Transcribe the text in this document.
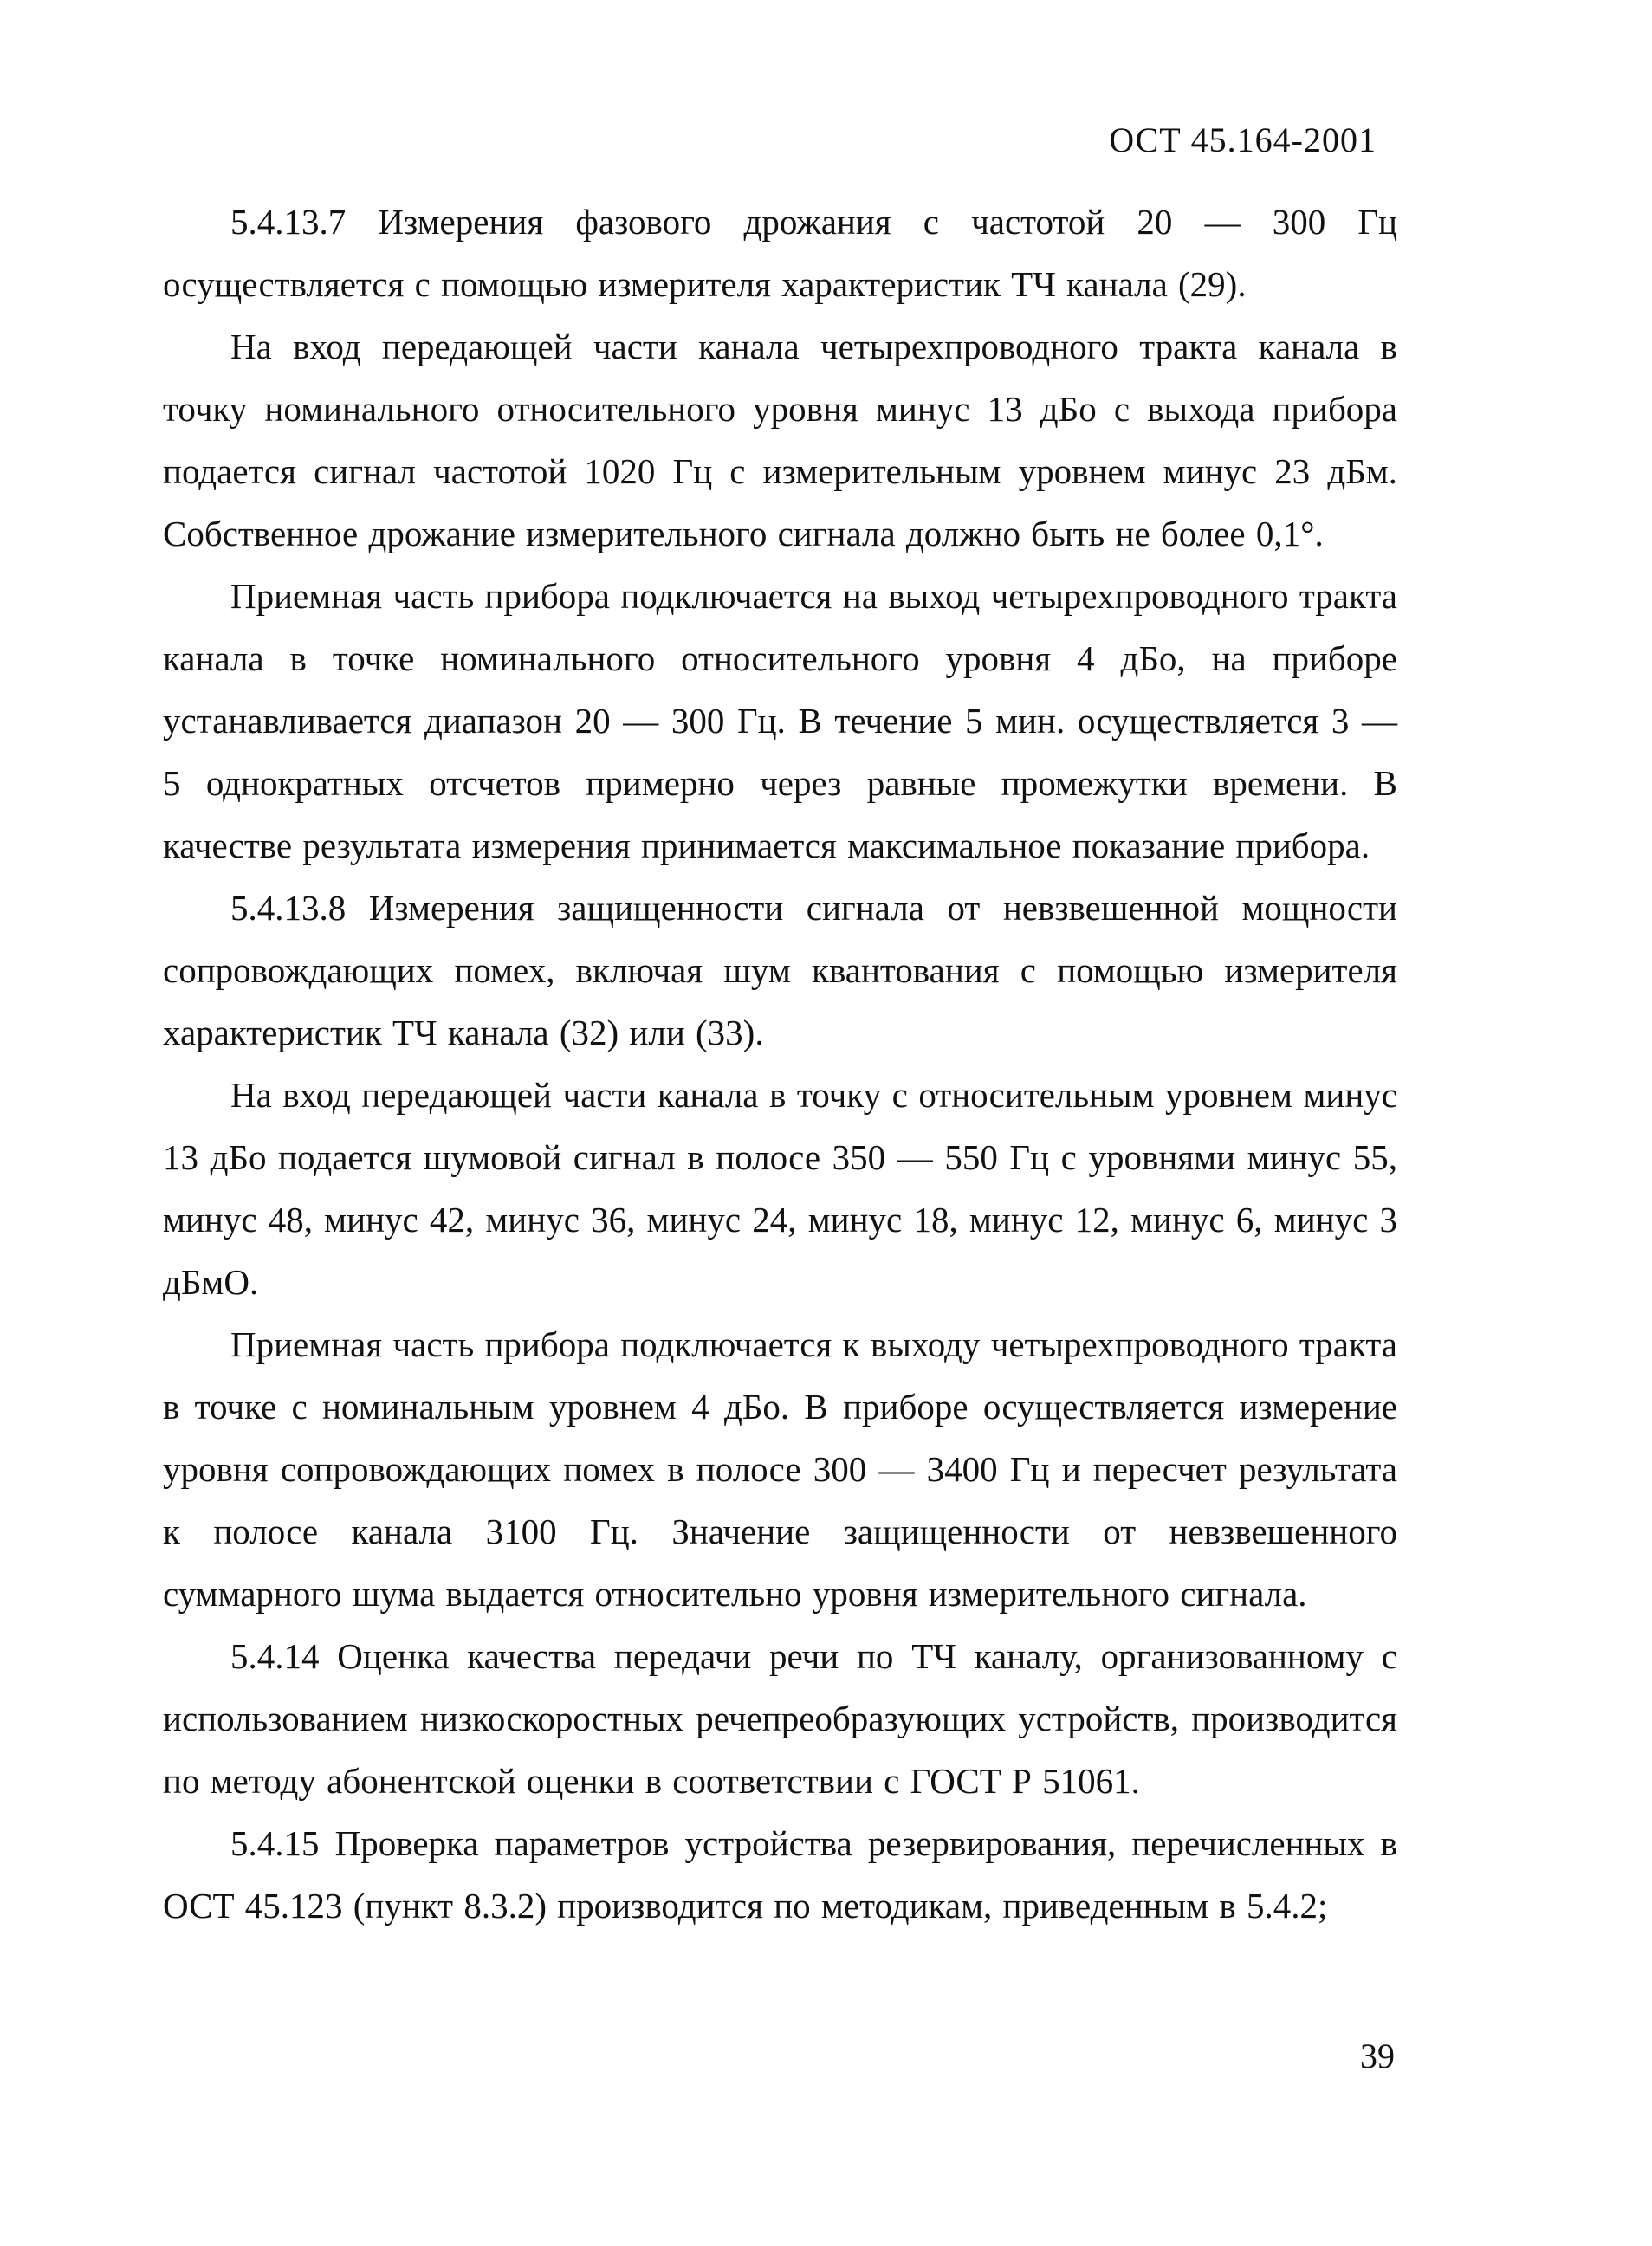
ОСТ 45.164-2001

5.4.13.7 Измерения фазового дрожания с частотой 20 — 300 Гц осуществляется с помощью измерителя характеристик ТЧ канала (29).

На вход передающей части канала четырехпроводного тракта канала в точку номинального относительного уровня минус 13 дБо с выхода прибора подается сигнал частотой 1020 Гц с измерительным уровнем минус 23 дБм. Собственное дрожание измерительного сигнала должно быть не более 0,1°.

Приемная часть прибора подключается на выход четырехпроводного тракта канала в точке номинального относительного уровня 4 дБо, на приборе устанавливается диапазон 20 — 300 Гц. В течение 5 мин. осуществляется 3 — 5 однократных отсчетов примерно через равные промежутки времени. В качестве результата измерения принимается максимальное показание прибора.

5.4.13.8 Измерения защищенности сигнала от невзвешенной мощности сопровождающих помех, включая шум квантования с помощью измерителя характеристик ТЧ канала (32) или (33).

На вход передающей части канала в точку с относительным уровнем минус 13 дБо подается шумовой сигнал в полосе 350 — 550 Гц с уровнями минус 55, минус 48, минус 42, минус 36, минус 24, минус 18, минус 12, минус 6, минус 3 дБмО.

Приемная часть прибора подключается к выходу четырехпроводного тракта в точке с номинальным уровнем 4 дБо. В приборе осуществляется измерение уровня сопровождающих помех в полосе 300 — 3400 Гц и пересчет результата к полосе канала 3100 Гц. Значение защищенности от невзвешенного суммарного шума выдается относительно уровня измерительного сигнала.

5.4.14 Оценка качества передачи речи по ТЧ каналу, организованному с использованием низкоскоростных речепреобразующих устройств, производится по методу абонентской оценки в соответствии с ГОСТ Р 51061.

5.4.15 Проверка параметров устройства резервирования, перечисленных в ОСТ 45.123 (пункт 8.3.2) производится по методикам, приведенным в 5.4.2;

39
